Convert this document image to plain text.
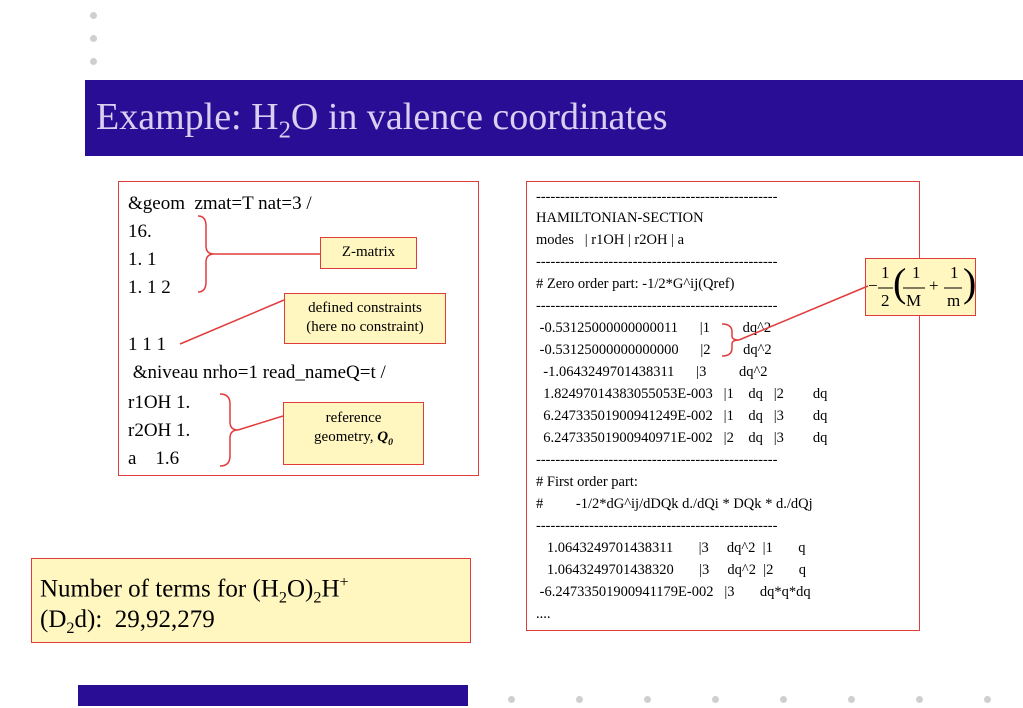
Example: $H_2O$ in valence coordinates
&geom  zmat=T nat=3 /
16.
1. 1
1. 1 2
1 1 1
&niveau nrho=1 read_nameQ=t /
r1OH 1.
r2OH 1.
a    1.6
Z-matrix
defined constraints
(here no constraint)
reference
geometry, $Q_0$
--------------------------------------------------
HAMILTONIAN-SECTION
modes   | r1OH | r2OH | a
--------------------------------------------------
# Zero order part: -1/2*G^ij(Qref)
--------------------------------------------------
-0.53125000000000011      |1         dq^2
-0.53125000000000000      |2         dq^2
-1.0643249701438311      |3         dq^2
1.82497014383055053E-003   |1    dq   |2        dq
6.24733501900941249E-002   |1    dq   |3        dq
6.24733501900940971E-002   |2    dq   |3        dq
--------------------------------------------------
# First order part:
#         -1/2*dG^ij/dDQk d./dQi * DQk * d./dQj
--------------------------------------------------
1.0643249701438311       |3     dq^2  |1       q
1.0643249701438320       |3     dq^2  |2       q
-6.24733501900941179E-002   |3       dq*q*dq
....
−
1
2 ( 1
M
+
1
m )
Number of terms for $(H_2O)_2H^+$
$(D_2d)$:  29,92,279
